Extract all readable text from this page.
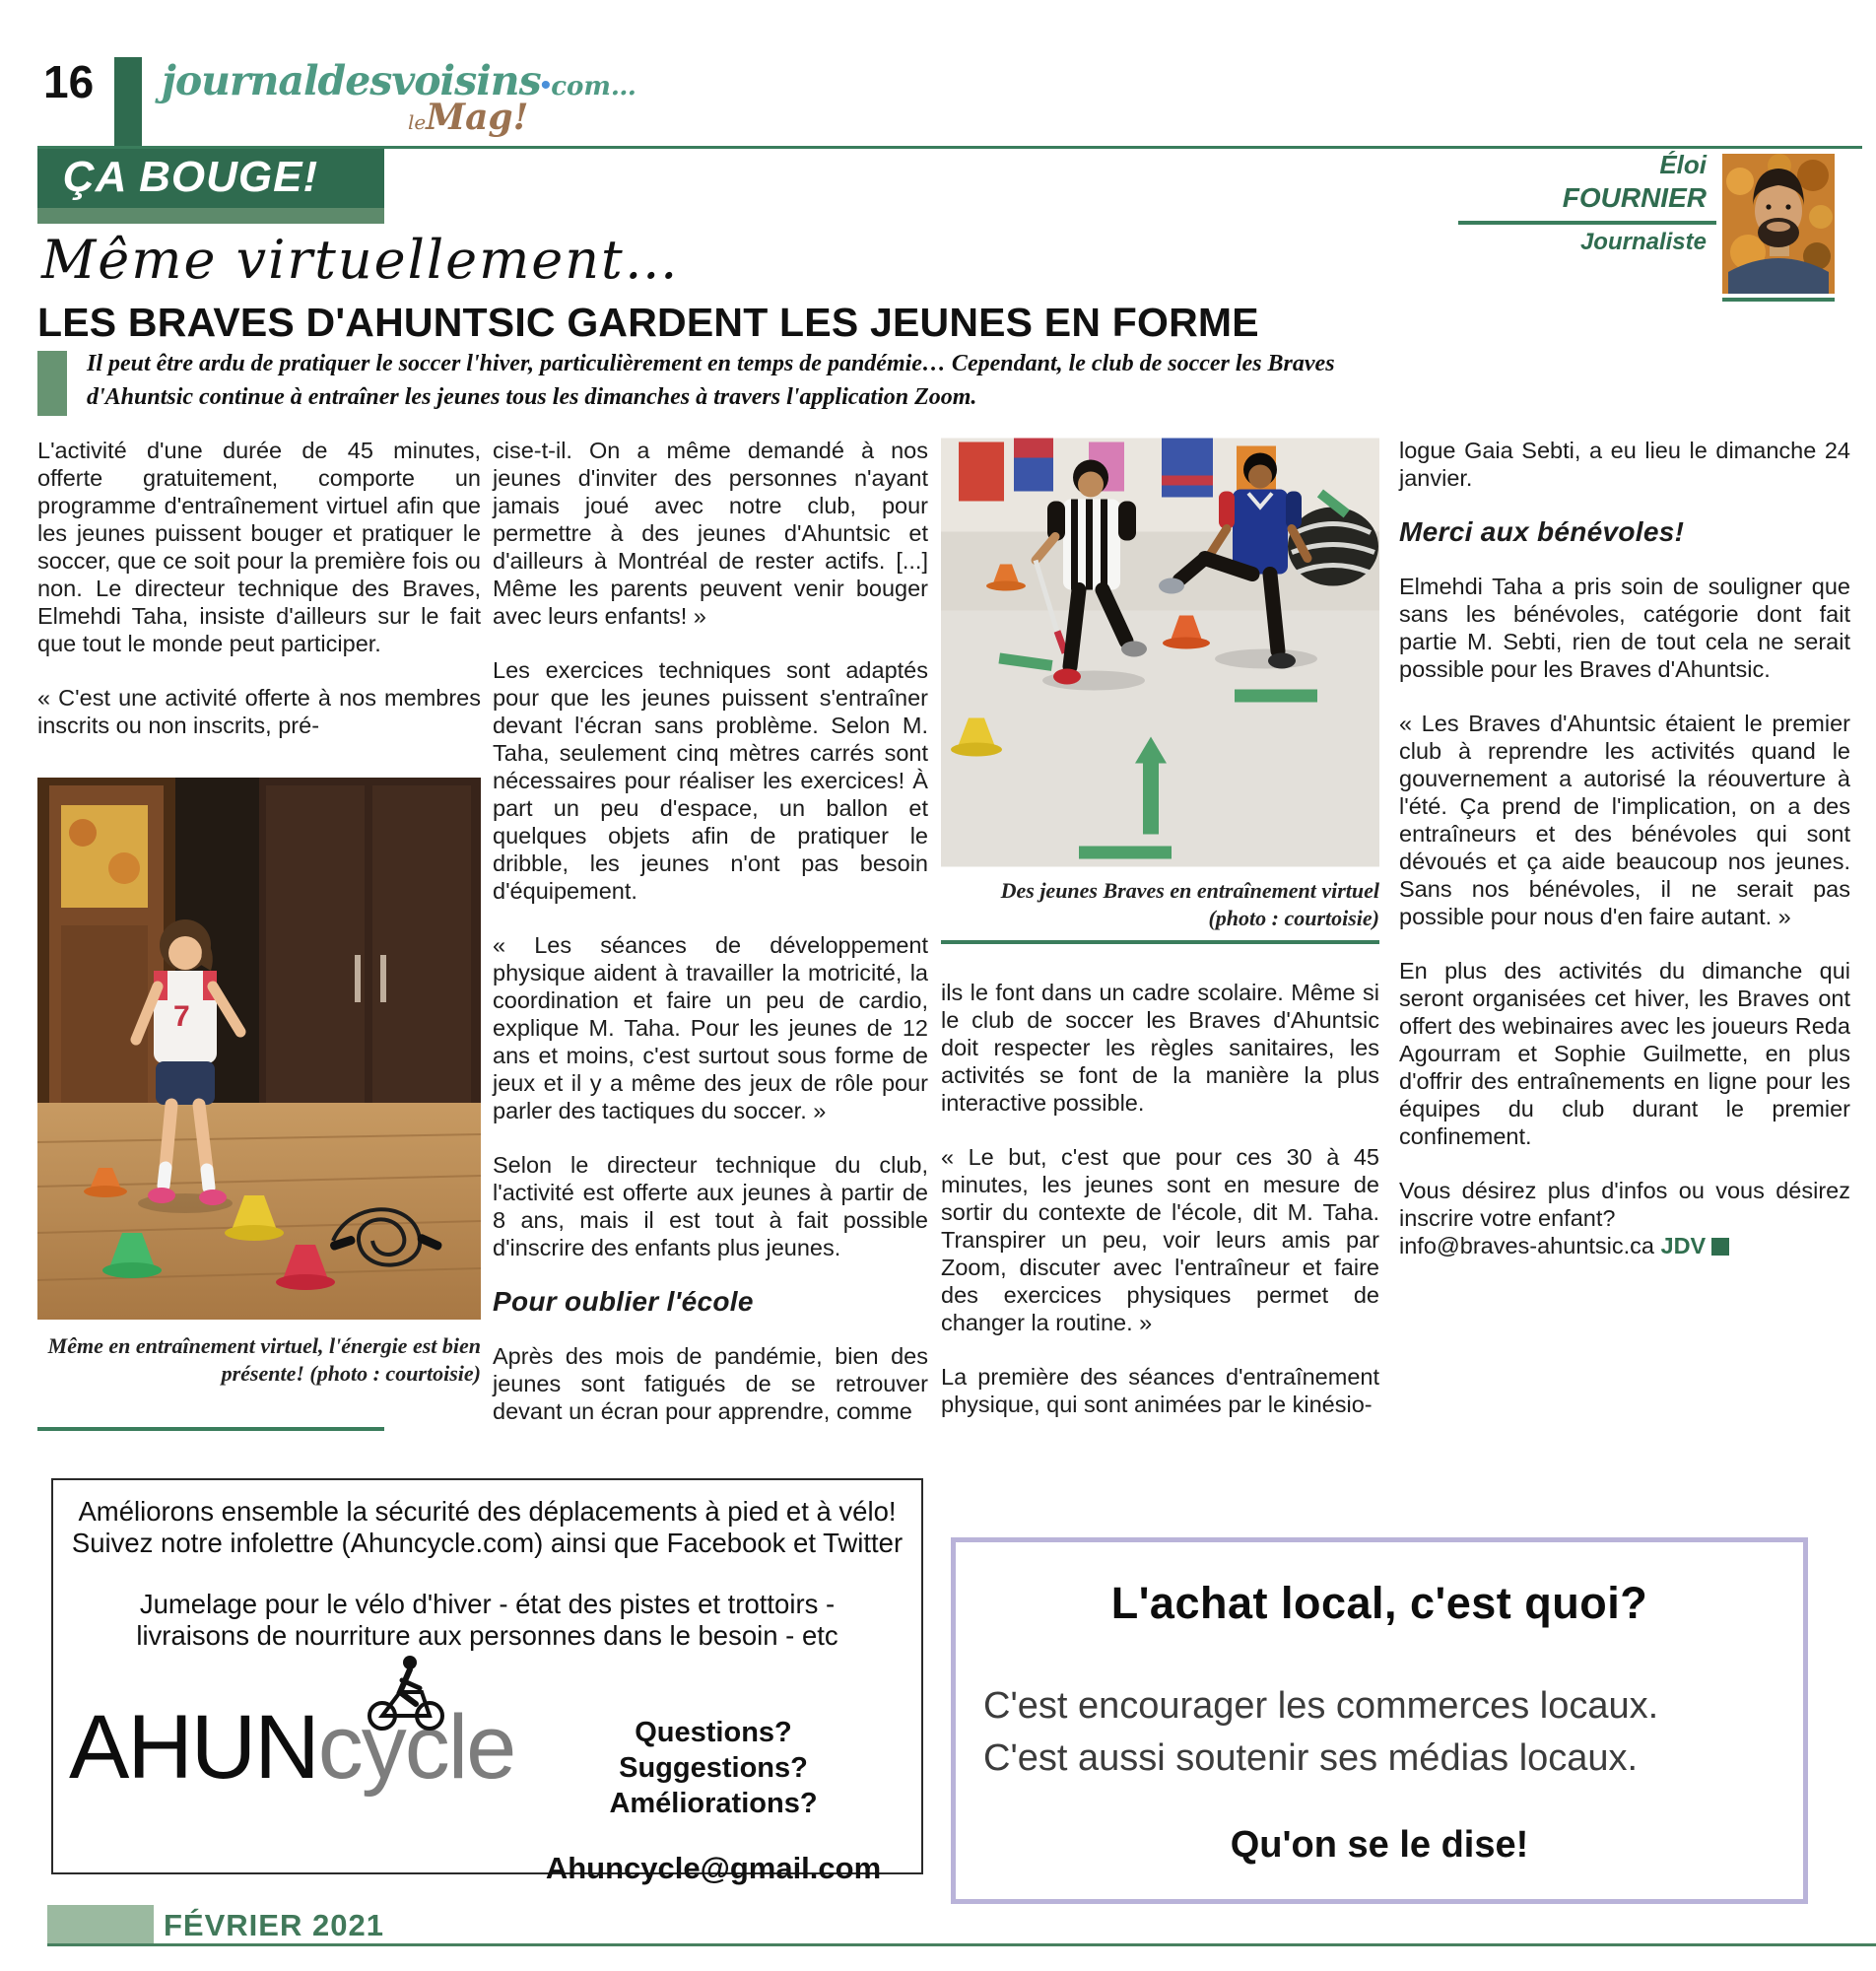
16 journaldesvoisins•com…
leMag!
ÇA BOUGE!	Éloi
FOURNIER
Journaliste
Même virtuellement…
LES BRAVES D'AHUNTSIC GARDENT LES JEUNES EN FORME
Il peut être ardu de pratiquer le soccer l'hiver, particulièrement en temps de pandémie… Cependant, le club de soccer les Braves d'Ahuntsic continue à entraîner les jeunes tous les dimanches à travers l'application Zoom.

L'activité d'une durée de 45 minutes, offerte gratuitement, comporte un programme d'entraînement virtuel afin que les jeunes puissent bouger et pratiquer le soccer, que ce soit pour la première fois ou non. Le directeur technique des Braves, Elmehdi Taha, insiste d'ailleurs sur le fait que tout le monde peut participer.

« C'est une activité offerte à nos membres inscrits ou non inscrits, pré-

7
Même en entraînement virtuel, l'énergie est bien présente! (photo : courtoisie)

cise-t-il. On a même demandé à nos jeunes d'inviter des personnes n'ayant jamais joué avec notre club, pour permettre à des jeunes d'Ahuntsic et d'ailleurs à Montréal de rester actifs. [...] Même les parents peuvent venir bouger avec leurs enfants! »

Les exercices techniques sont adaptés pour que les jeunes puissent s'entraîner devant l'écran sans problème. Selon M. Taha, seulement cinq mètres carrés sont nécessaires pour réaliser les exercices! À part un peu d'espace, un ballon et quelques objets afin de pratiquer le dribble, les jeunes n'ont pas besoin d'équipement.

« Les séances de développement physique aident à travailler la motricité, la coordination et faire un peu de cardio, explique M. Taha. Pour les jeunes de 12 ans et moins, c'est surtout sous forme de jeux et il y a même des jeux de rôle pour parler des tactiques du soccer. »

Selon le directeur technique du club, l'activité est offerte aux jeunes à partir de 8 ans, mais il est tout à fait possible d'inscrire des enfants plus jeunes.

Pour oublier l'école

Après des mois de pandémie, bien des jeunes sont fatigués de se retrouver devant un écran pour apprendre, comme

Des jeunes Braves en entraînement virtuel
(photo : courtoisie)

ils le font dans un cadre scolaire. Même si le club de soccer les Braves d'Ahuntsic doit respecter les règles sanitaires, les activités se font de la manière la plus interactive possible.

« Le but, c'est que pour ces 30 à 45 minutes, les jeunes sont en mesure de sortir du contexte de l'école, dit M. Taha. Transpirer un peu, voir leurs amis par Zoom, discuter avec l'entraîneur et faire des exercices physiques permet de changer la routine. »

La première des séances d'entraînement physique, qui sont animées par le kinésio-

logue Gaia Sebti, a eu lieu le dimanche 24 janvier.

Merci aux bénévoles!

Elmehdi Taha a pris soin de souligner que sans les bénévoles, catégorie dont fait partie M. Sebti, rien de tout cela ne serait possible pour les Braves d'Ahuntsic.

« Les Braves d'Ahuntsic étaient le premier club à reprendre les activités quand le gouvernement a autorisé la réouverture à l'été. Ça prend de l'implication, on a des entraîneurs et des bénévoles qui sont dévoués et ça aide beaucoup nos jeunes. Sans nos bénévoles, il ne serait pas possible pour nous d'en faire autant. »

En plus des activités du dimanche qui seront organisées cet hiver, les Braves ont offert des webinaires avec les joueurs Reda Agourram et Sophie Guilmette, en plus d'offrir des entraînements en ligne pour les équipes du club durant le premier confinement.

Vous désirez plus d'infos ou vous désirez inscrire votre enfant?
info@braves-ahuntsic.ca JDV

Améliorons ensemble la sécurité des déplacements à pied et à vélo!
Suivez notre infolettre (Ahuncycle.com) ainsi que Facebook et Twitter
Jumelage pour le vélo d'hiver - état des pistes et trottoirs -
livraisons de nourriture aux personnes dans le besoin - etc
AHUNcycle	Questions? Suggestions?
Améliorations?
Ahuncycle@gmail.com
L'achat local, c'est quoi?
C'est encourager les commerces locaux.
C'est aussi soutenir ses médias locaux.
Qu'on se le dise!
FÉVRIER 2021
